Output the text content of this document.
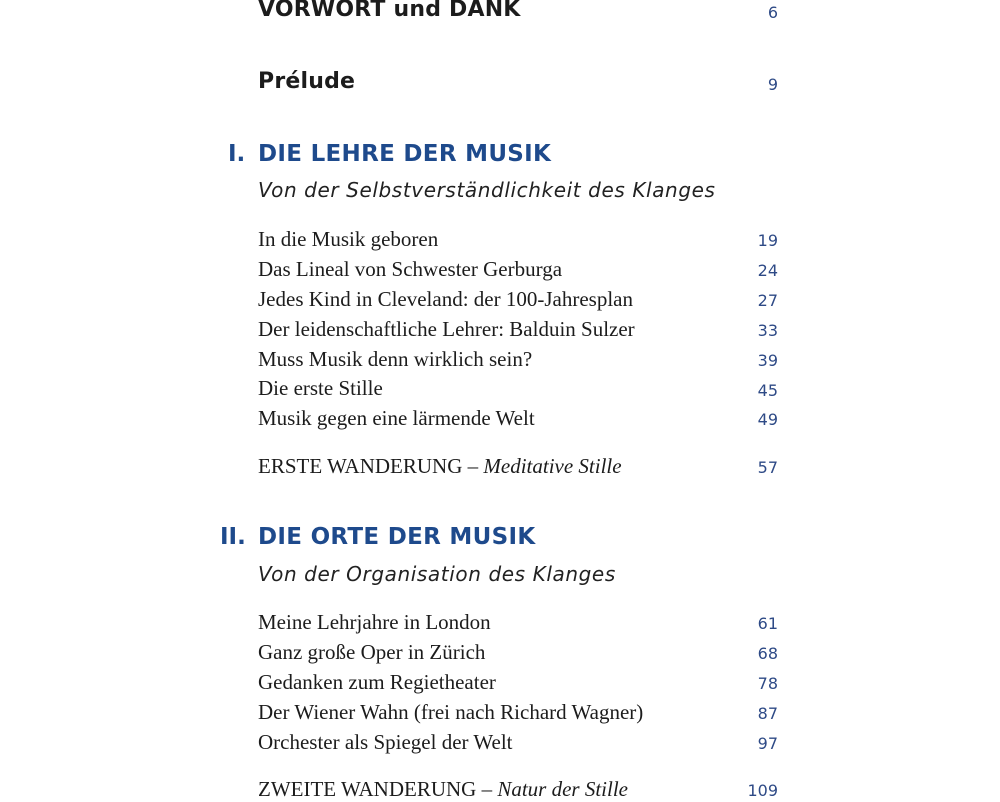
VORWORT und DANK	6
Prélude	9
I. DIE LEHRE DER MUSIK
Von der Selbstverständlichkeit des Klanges
In die Musik geboren	19
Das Lineal von Schwester Gerburga	24
Jedes Kind in Cleveland: der 100-Jahresplan	27
Der leidenschaftliche Lehrer: Balduin Sulzer	33
Muss Musik denn wirklich sein?	39
Die erste Stille	45
Musik gegen eine lärmende Welt	49
ERSTE WANDERUNG – Meditative Stille	57
II. DIE ORTE DER MUSIK
Von der Organisation des Klanges
Meine Lehrjahre in London	61
Ganz große Oper in Zürich	68
Gedanken zum Regietheater	78
Der Wiener Wahn (frei nach Richard Wagner)	87
Orchester als Spiegel der Welt	97
ZWEITE WANDERUNG – Natur der Stille	109
